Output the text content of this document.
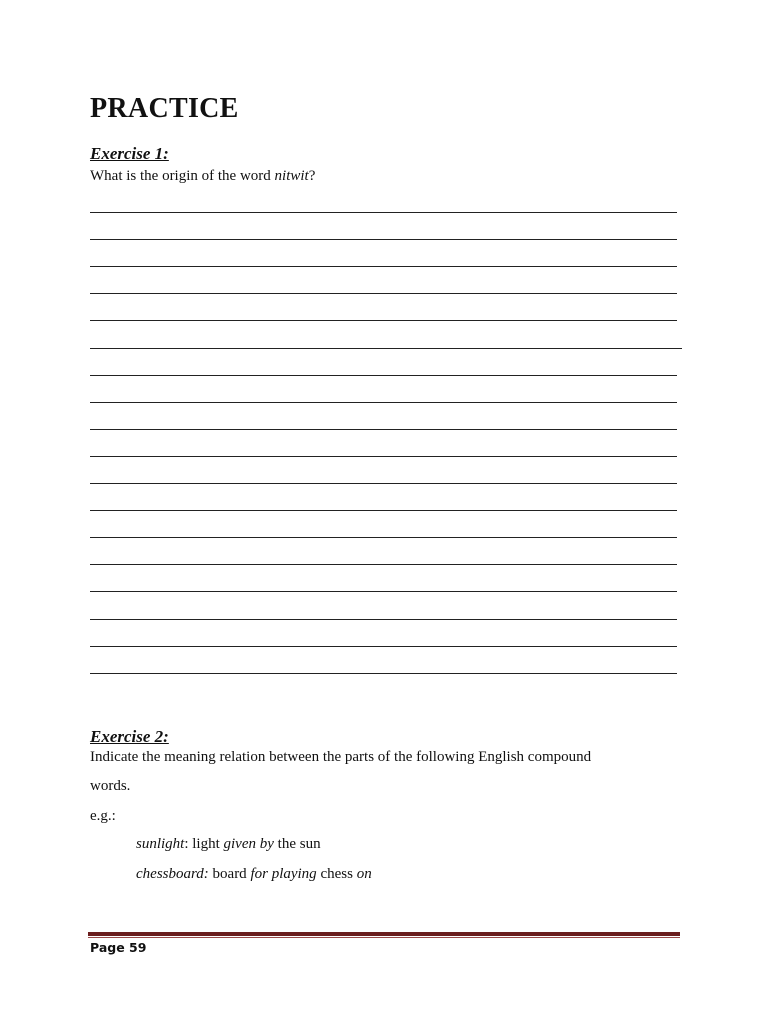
PRACTICE

Exercise 1:

What is the origin of the word nitwit?

Exercise 2:

Indicate the meaning relation between the parts of the following English compound

words.

e.g.:

sunlight: light given by the sun

chessboard: board for playing chess on

Page 59
